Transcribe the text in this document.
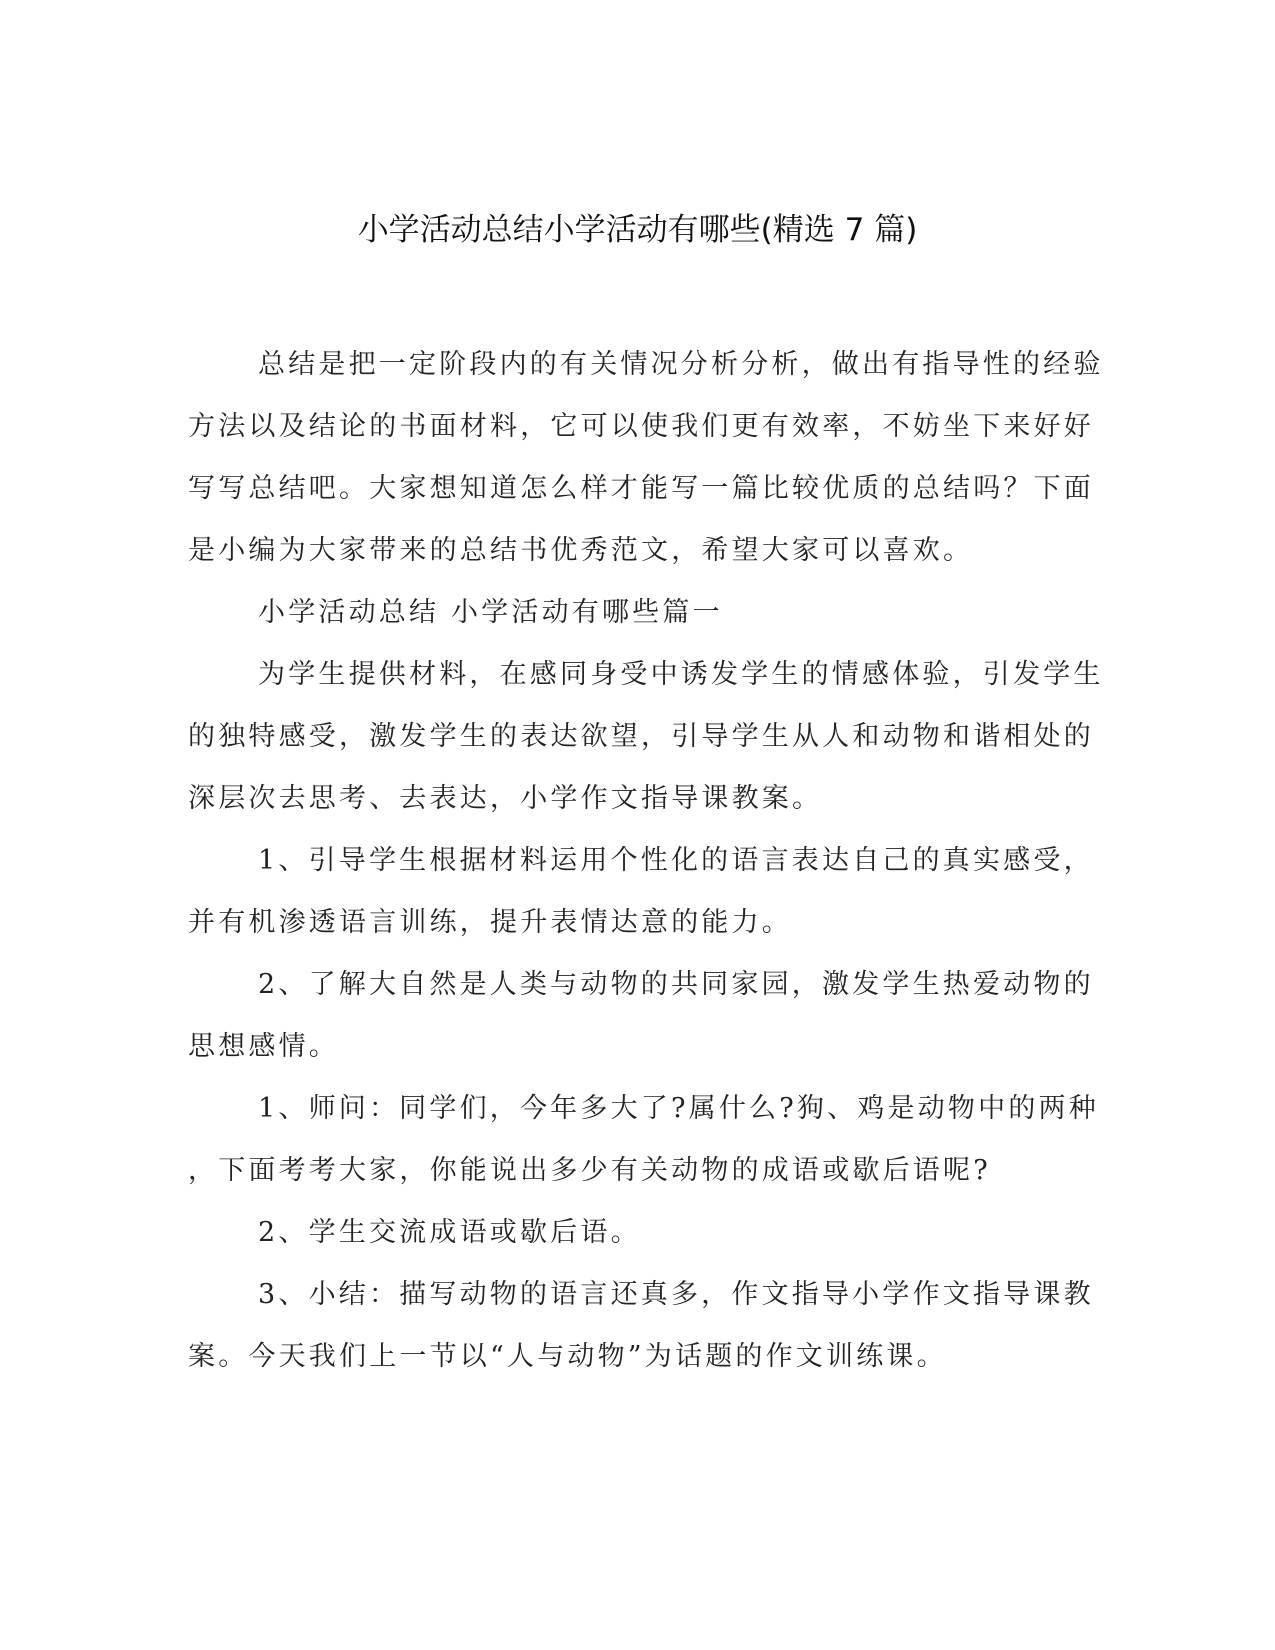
小学活动总结小学活动有哪些(精选 7 篇)

总结是把一定阶段内的有关情况分析分析，做出有指导性的经验
方法以及结论的书面材料，它可以使我们更有效率，不妨坐下来好好
写写总结吧。大家想知道怎么样才能写一篇比较优质的总结吗？下面
是小编为大家带来的总结书优秀范文，希望大家可以喜欢。

小学活动总结 小学活动有哪些篇一

为学生提供材料，在感同身受中诱发学生的情感体验，引发学生
的独特感受，激发学生的表达欲望，引导学生从人和动物和谐相处的
深层次去思考、去表达，小学作文指导课教案。

1、引导学生根据材料运用个性化的语言表达自己的真实感受，
并有机渗透语言训练，提升表情达意的能力。

2、了解大自然是人类与动物的共同家园，激发学生热爱动物的
思想感情。

1、师问：同学们，今年多大了?属什么?狗、鸡是动物中的两种
，下面考考大家，你能说出多少有关动物的成语或歇后语呢?

2、学生交流成语或歇后语。

3、小结：描写动物的语言还真多，作文指导小学作文指导课教
案。今天我们上一节以“人与动物”为话题的作文训练课。
